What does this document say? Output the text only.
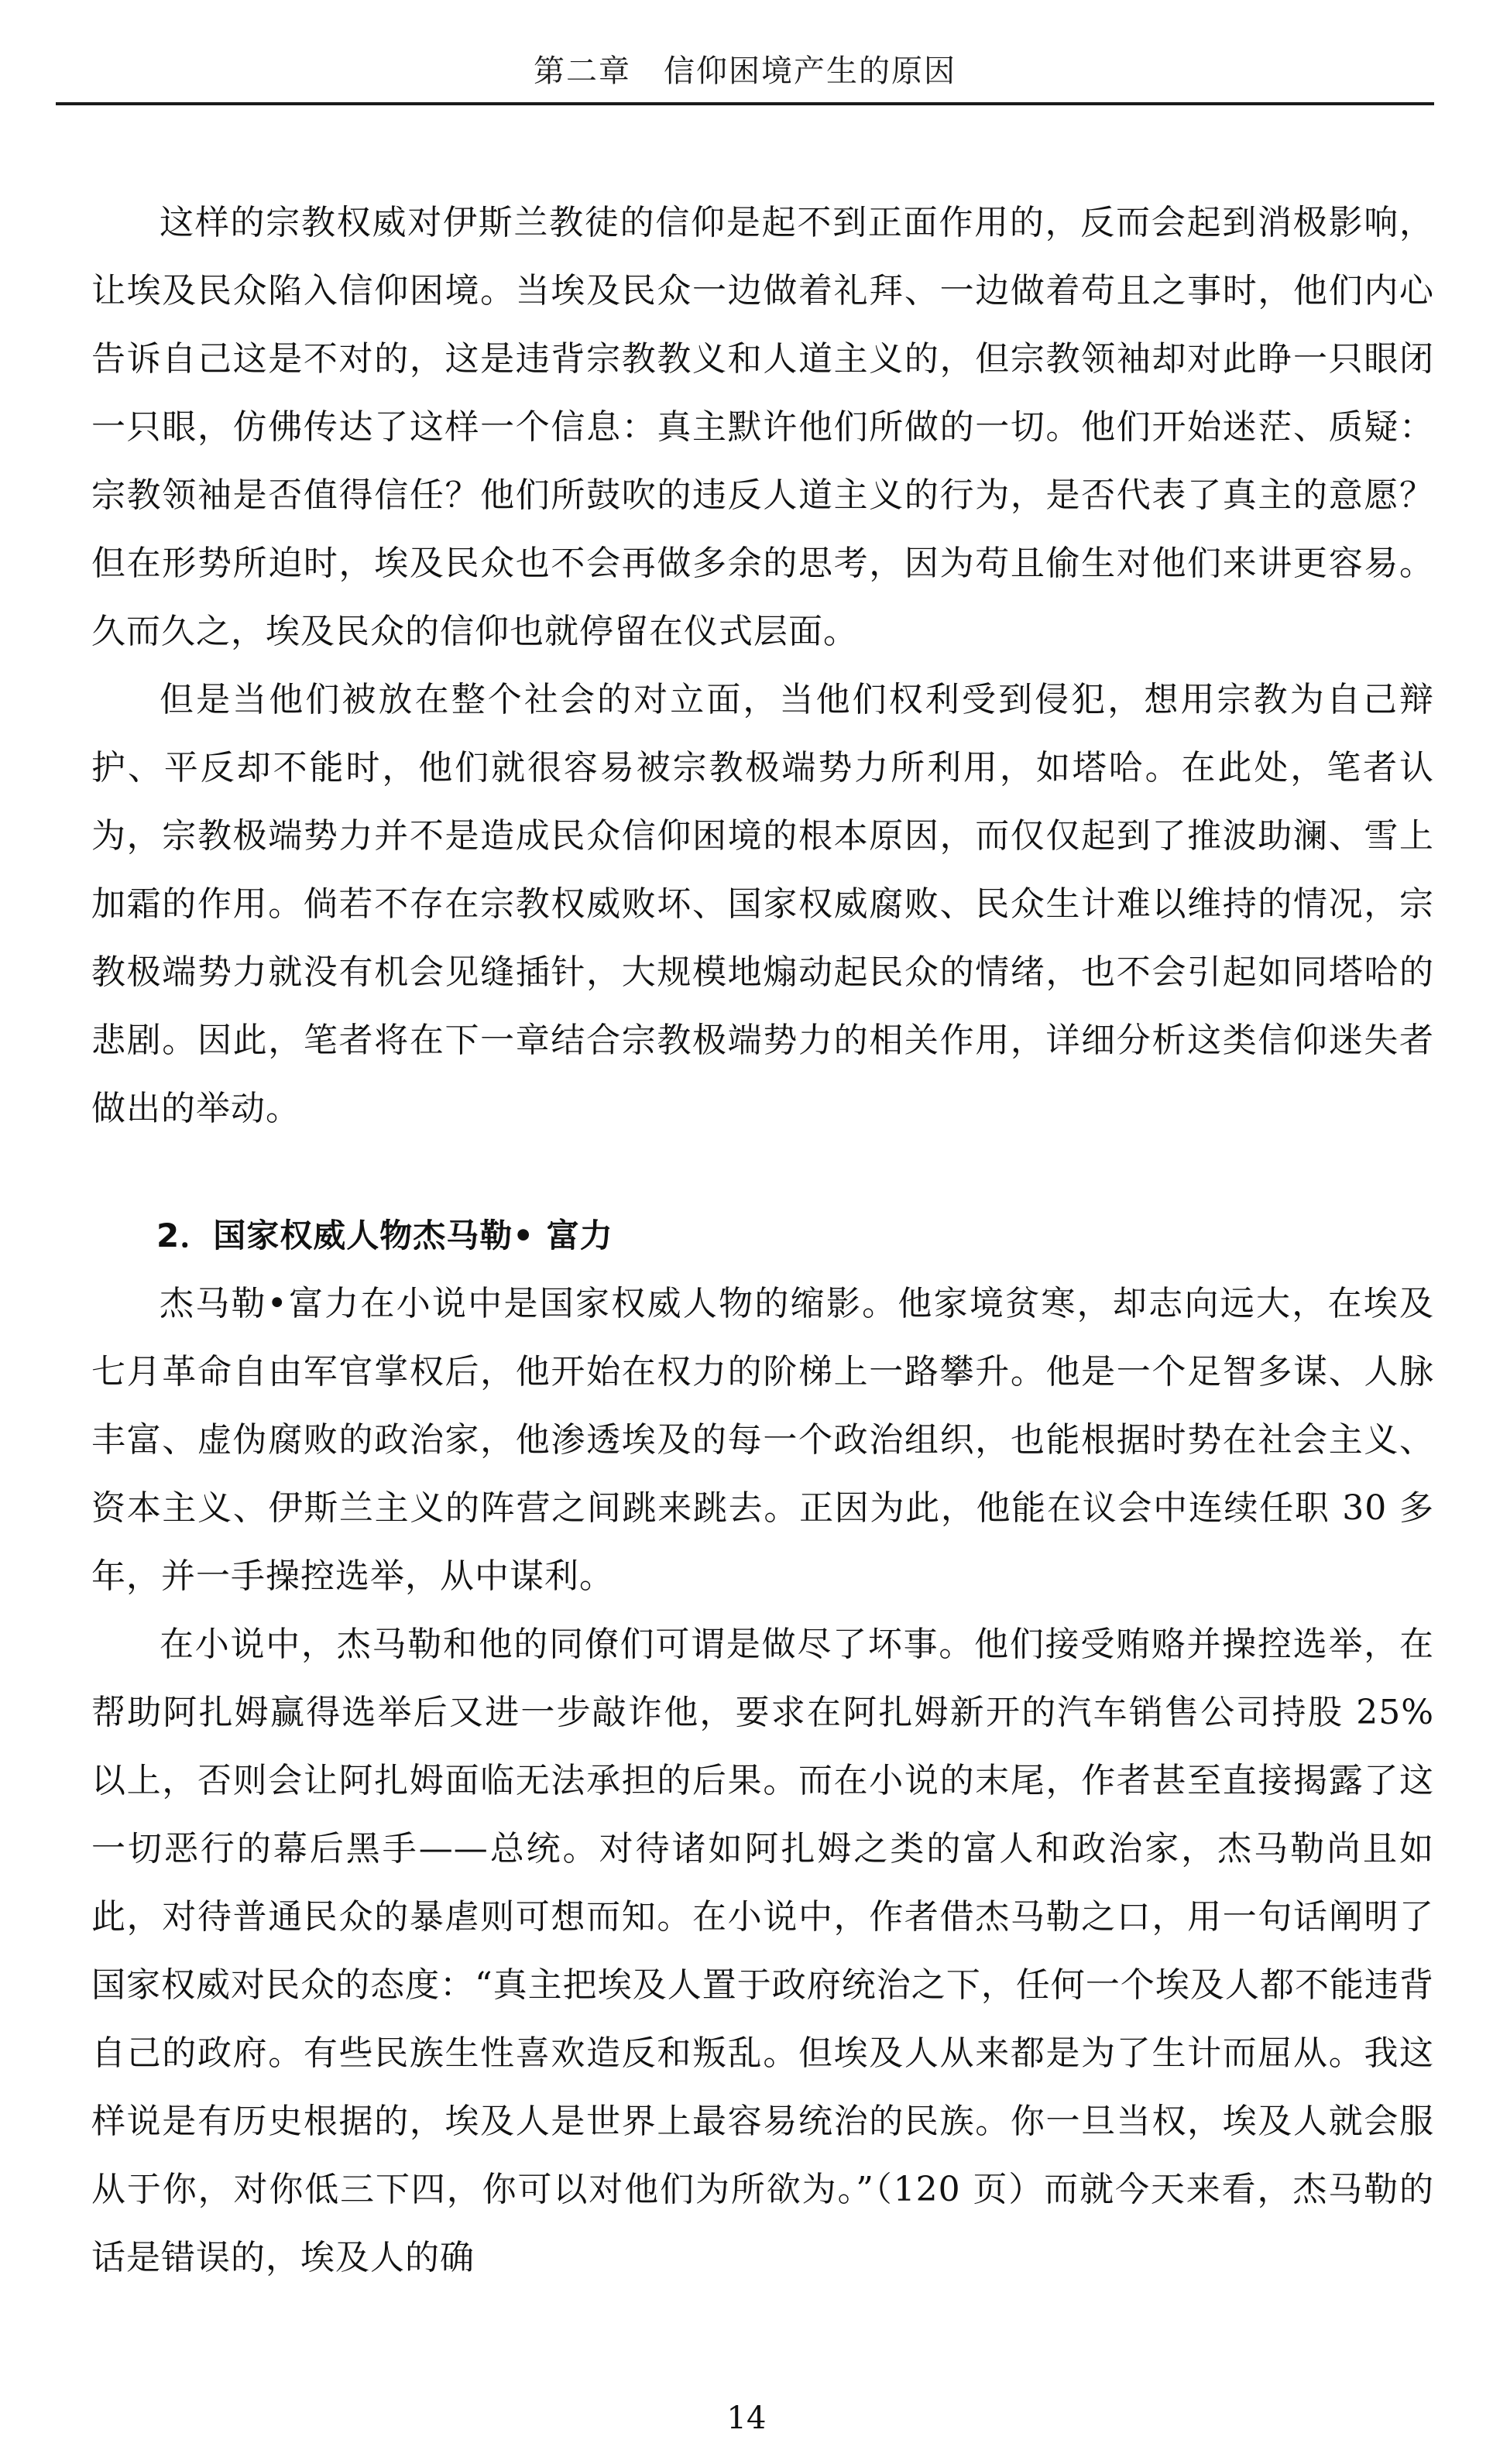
第二章　信仰困境产生的原因

这样的宗教权威对伊斯兰教徒的信仰是起不到正面作用的，反而会起到消极影响，让埃及民众陷入信仰困境。当埃及民众一边做着礼拜、一边做着苟且之事时，他们内心告诉自己这是不对的，这是违背宗教教义和人道主义的，但宗教领袖却对此睁一只眼闭一只眼，仿佛传达了这样一个信息：真主默许他们所做的一切。他们开始迷茫、质疑：宗教领袖是否值得信任？他们所鼓吹的违反人道主义的行为，是否代表了真主的意愿？但在形势所迫时，埃及民众也不会再做多余的思考，因为苟且偷生对他们来讲更容易。久而久之，埃及民众的信仰也就停留在仪式层面。

但是当他们被放在整个社会的对立面，当他们权利受到侵犯，想用宗教为自己辩护、平反却不能时，他们就很容易被宗教极端势力所利用，如塔哈。在此处，笔者认为，宗教极端势力并不是造成民众信仰困境的根本原因，而仅仅起到了推波助澜、雪上加霜的作用。倘若不存在宗教权威败坏、国家权威腐败、民众生计难以维持的情况，宗教极端势力就没有机会见缝插针，大规模地煽动起民众的情绪，也不会引起如同塔哈的悲剧。因此，笔者将在下一章结合宗教极端势力的相关作用，详细分析这类信仰迷失者做出的举动。

2．国家权威人物杰马勒• 富力

杰马勒•富力在小说中是国家权威人物的缩影。他家境贫寒，却志向远大，在埃及七月革命自由军官掌权后，他开始在权力的阶梯上一路攀升。他是一个足智多谋、人脉丰富、虚伪腐败的政治家，他渗透埃及的每一个政治组织，也能根据时势在社会主义、资本主义、伊斯兰主义的阵营之间跳来跳去。正因为此，他能在议会中连续任职 30 多年，并一手操控选举，从中谋利。

在小说中，杰马勒和他的同僚们可谓是做尽了坏事。他们接受贿赂并操控选举，在帮助阿扎姆赢得选举后又进一步敲诈他，要求在阿扎姆新开的汽车销售公司持股 25%以上，否则会让阿扎姆面临无法承担的后果。而在小说的末尾，作者甚至直接揭露了这一切恶行的幕后黑手——总统。对待诸如阿扎姆之类的富人和政治家，杰马勒尚且如此，对待普通民众的暴虐则可想而知。在小说中，作者借杰马勒之口，用一句话阐明了国家权威对民众的态度：“真主把埃及人置于政府统治之下，任何一个埃及人都不能违背自己的政府。有些民族生性喜欢造反和叛乱。但埃及人从来都是为了生计而屈从。我这样说是有历史根据的，埃及人是世界上最容易统治的民族。你一旦当权，埃及人就会服从于你，对你低三下四，你可以对他们为所欲为。”（120 页）而就今天来看，杰马勒的话是错误的，埃及人的确

14
